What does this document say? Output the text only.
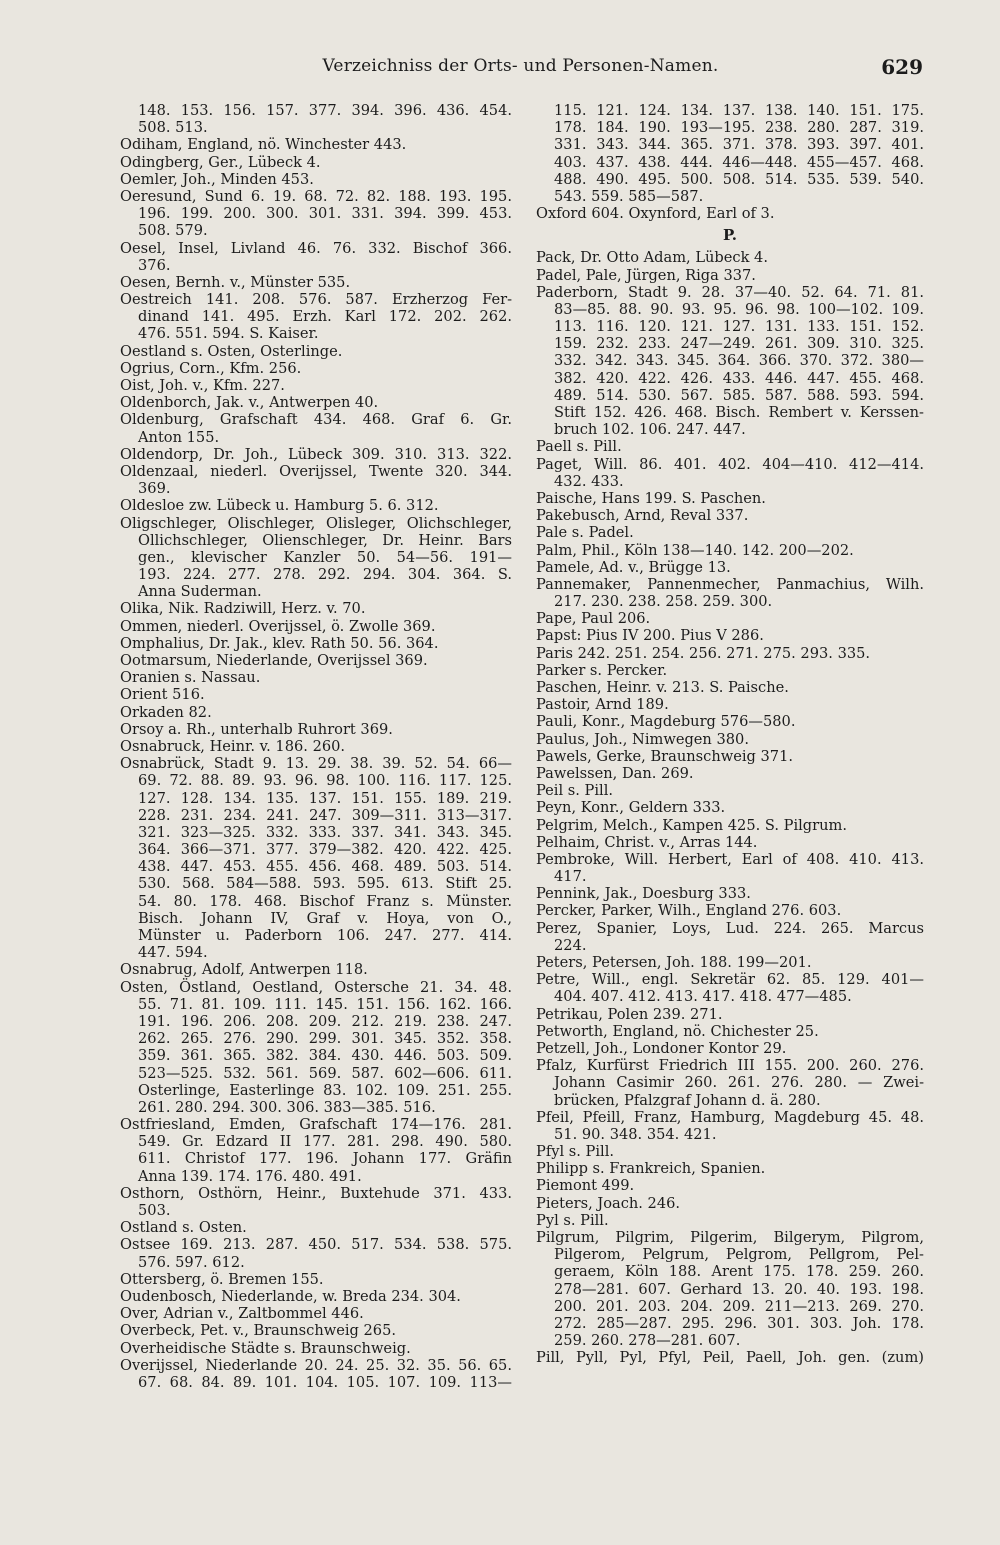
Verzeichniss der Orts- und Personen-Namen.	629
148. 153. 156. 157. 377. 394. 396. 436. 454.
508. 513.
Odiham, England, nö. Winchester 443.
Odingberg, Ger., Lübeck 4.
Oemler, Joh., Minden 453.
Oeresund, Sund 6. 19. 68. 72. 82. 188. 193. 195.
196. 199. 200. 300. 301. 331. 394. 399. 453.
508. 579.
Oesel, Insel, Livland 46. 76. 332. Bischof 366.
376.
Oesen, Bernh. v., Münster 535.
Oestreich 141. 208. 576. 587. Erzherzog Fer-
dinand 141. 495. Erzh. Karl 172. 202. 262.
476. 551. 594. S. Kaiser.
Oestland s. Osten, Osterlinge.
Ogrius, Corn., Kfm. 256.
Oist, Joh. v., Kfm. 227.
Oldenborch, Jak. v., Antwerpen 40.
Oldenburg, Grafschaft 434. 468. Graf 6. Gr.
Anton 155.
Oldendorp, Dr. Joh., Lübeck 309. 310. 313. 322.
Oldenzaal, niederl. Overijssel, Twente 320. 344.
369.
Oldesloe zw. Lübeck u. Hamburg 5. 6. 312.
Oligschleger, Olischleger, Olisleger, Olichschleger,
Ollichschleger, Olienschleger, Dr. Heinr. Bars
gen., klevischer Kanzler 50. 54—56. 191—
193. 224. 277. 278. 292. 294. 304. 364. S.
Anna Suderman.
Olika, Nik. Radziwill, Herz. v. 70.
Ommen, niederl. Overijssel, ö. Zwolle 369.
Omphalius, Dr. Jak., klev. Rath 50. 56. 364.
Ootmarsum, Niederlande, Overijssel 369.
Oranien s. Nassau.
Orient 516.
Orkaden 82.
Orsoy a. Rh., unterhalb Ruhrort 369.
Osnabruck, Heinr. v. 186. 260.
Osnabrück, Stadt 9. 13. 29. 38. 39. 52. 54. 66—
69. 72. 88. 89. 93. 96. 98. 100. 116. 117. 125.
127. 128. 134. 135. 137. 151. 155. 189. 219.
228. 231. 234. 241. 247. 309—311. 313—317.
321. 323—325. 332. 333. 337. 341. 343. 345.
364. 366—371. 377. 379—382. 420. 422. 425.
438. 447. 453. 455. 456. 468. 489. 503. 514.
530. 568. 584—588. 593. 595. 613. Stift 25.
54. 80. 178. 468. Bischof Franz s. Münster.
Bisch. Johann IV, Graf v. Hoya, von O.,
Münster u. Paderborn 106. 247. 277. 414.
447. 594.
Osnabrug, Adolf, Antwerpen 118.
Osten, Östland, Oestland, Ostersche 21. 34. 48.
55. 71. 81. 109. 111. 145. 151. 156. 162. 166.
191. 196. 206. 208. 209. 212. 219. 238. 247.
262. 265. 276. 290. 299. 301. 345. 352. 358.
359. 361. 365. 382. 384. 430. 446. 503. 509.
523—525. 532. 561. 569. 587. 602—606. 611.
Osterlinge, Easterlinge 83. 102. 109. 251. 255.
261. 280. 294. 300. 306. 383—385. 516.
Ostfriesland, Emden, Grafschaft 174—176. 281.
549. Gr. Edzard II 177. 281. 298. 490. 580.
611. Christof 177. 196. Johann 177. Gräfin
Anna 139. 174. 176. 480. 491.
Osthorn, Osthörn, Heinr., Buxtehude 371. 433.
503.
Ostland s. Osten.
Ostsee 169. 213. 287. 450. 517. 534. 538. 575.
576. 597. 612.
Ottersberg, ö. Bremen 155.
Oudenbosch, Niederlande, w. Breda 234. 304.
Over, Adrian v., Zaltbommel 446.
Overbeck, Pet. v., Braunschweig 265.
Overheidische Städte s. Braunschweig.
Overijssel, Niederlande 20. 24. 25. 32. 35. 56. 65.
67. 68. 84. 89. 101. 104. 105. 107. 109. 113—
115. 121. 124. 134. 137. 138. 140. 151. 175.
178. 184. 190. 193—195. 238. 280. 287. 319.
331. 343. 344. 365. 371. 378. 393. 397. 401.
403. 437. 438. 444. 446—448. 455—457. 468.
488. 490. 495. 500. 508. 514. 535. 539. 540.
543. 559. 585—587.
Oxford 604. Oxynford, Earl of 3.
P.
Pack, Dr. Otto Adam, Lübeck 4.
Padel, Pale, Jürgen, Riga 337.
Paderborn, Stadt 9. 28. 37—40. 52. 64. 71. 81.
83—85. 88. 90. 93. 95. 96. 98. 100—102. 109.
113. 116. 120. 121. 127. 131. 133. 151. 152.
159. 232. 233. 247—249. 261. 309. 310. 325.
332. 342. 343. 345. 364. 366. 370. 372. 380—
382. 420. 422. 426. 433. 446. 447. 455. 468.
489. 514. 530. 567. 585. 587. 588. 593. 594.
Stift 152. 426. 468. Bisch. Rembert v. Kerssen-
bruch 102. 106. 247. 447.
Paell s. Pill.
Paget, Will. 86. 401. 402. 404—410. 412—414.
432. 433.
Paische, Hans 199. S. Paschen.
Pakebusch, Arnd, Reval 337.
Pale s. Padel.
Palm, Phil., Köln 138—140. 142. 200—202.
Pamele, Ad. v., Brügge 13.
Pannemaker, Pannenmecher, Panmachius, Wilh.
217. 230. 238. 258. 259. 300.
Pape, Paul 206.
Papst: Pius IV 200. Pius V 286.
Paris 242. 251. 254. 256. 271. 275. 293. 335.
Parker s. Percker.
Paschen, Heinr. v. 213. S. Paische.
Pastoir, Arnd 189.
Pauli, Konr., Magdeburg 576—580.
Paulus, Joh., Nimwegen 380.
Pawels, Gerke, Braunschweig 371.
Pawelssen, Dan. 269.
Peil s. Pill.
Peyn, Konr., Geldern 333.
Pelgrim, Melch., Kampen 425. S. Pilgrum.
Pelhaim, Christ. v., Arras 144.
Pembroke, Will. Herbert, Earl of 408. 410. 413.
417.
Pennink, Jak., Doesburg 333.
Percker, Parker, Wilh., England 276. 603.
Perez, Spanier, Loys, Lud. 224. 265. Marcus
224.
Peters, Petersen, Joh. 188. 199—201.
Petre, Will., engl. Sekretär 62. 85. 129. 401—
404. 407. 412. 413. 417. 418. 477—485.
Petrikau, Polen 239. 271.
Petworth, England, nö. Chichester 25.
Petzell, Joh., Londoner Kontor 29.
Pfalz, Kurfürst Friedrich III 155. 200. 260. 276.
Johann Casimir 260. 261. 276. 280. — Zwei-
brücken, Pfalzgraf Johann d. ä. 280.
Pfeil, Pfeill, Franz, Hamburg, Magdeburg 45. 48.
51. 90. 348. 354. 421.
Pfyl s. Pill.
Philipp s. Frankreich, Spanien.
Piemont 499.
Pieters, Joach. 246.
Pyl s. Pill.
Pilgrum, Pilgrim, Pilgerim, Bilgerym, Pilgrom,
Pilgerom, Pelgrum, Pelgrom, Pellgrom, Pel-
geraem, Köln 188. Arent 175. 178. 259. 260.
278—281. 607. Gerhard 13. 20. 40. 193. 198.
200. 201. 203. 204. 209. 211—213. 269. 270.
272. 285—287. 295. 296. 301. 303. Joh. 178.
259. 260. 278—281. 607.
Pill, Pyll, Pyl, Pfyl, Peil, Paell, Joh. gen. (zum)
